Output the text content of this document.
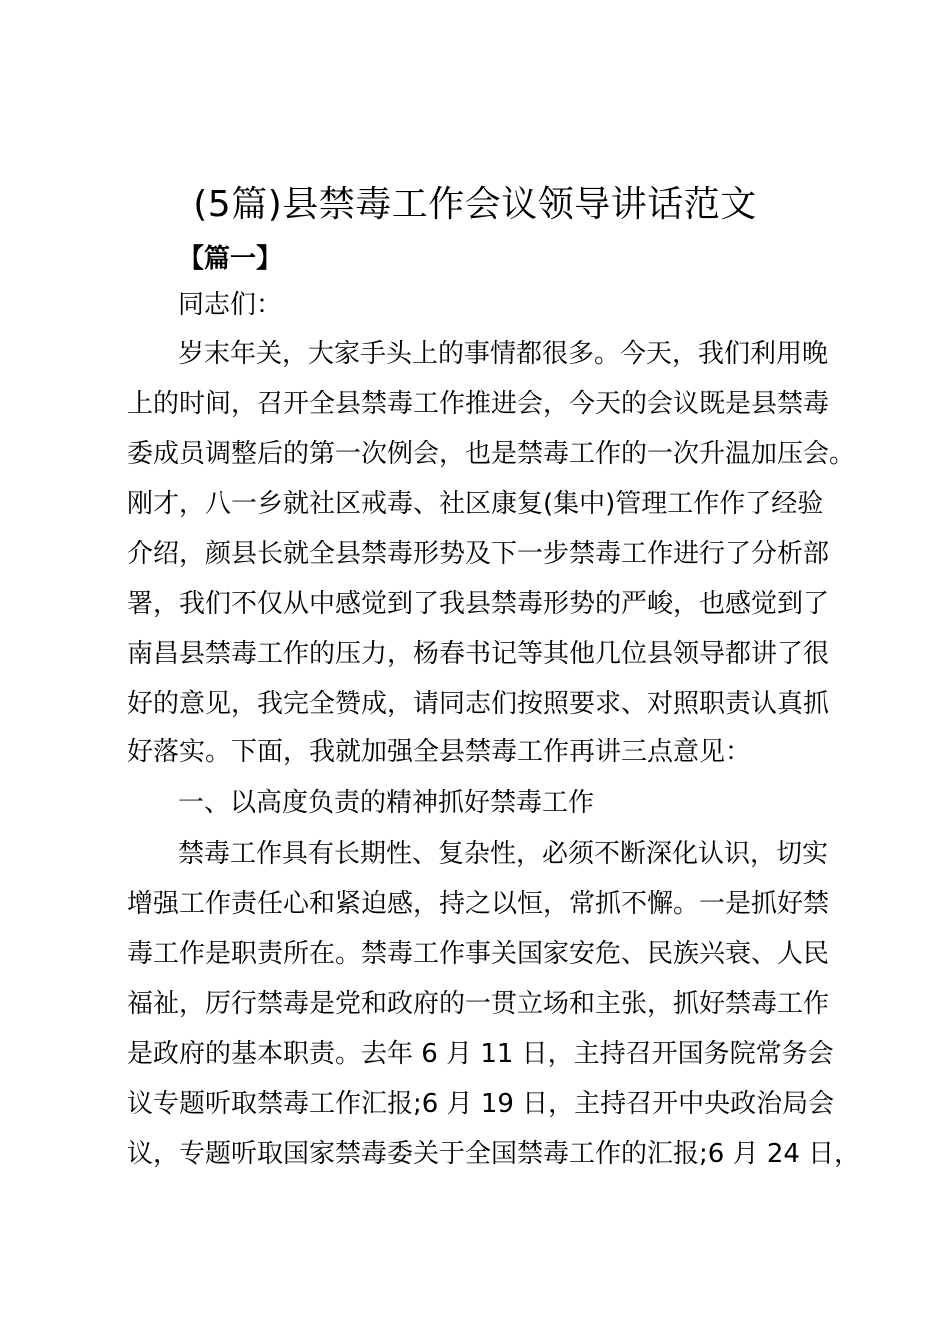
(5篇)县禁毒工作会议领导讲话范文
【篇一】
同志们：
岁末年关，大家手头上的事情都很多。今天，我们利用晚
上的时间，召开全县禁毒工作推进会，今天的会议既是县禁毒
委成员调整后的第一次例会，也是禁毒工作的一次升温加压会。
刚才，八一乡就社区戒毒、社区康复(集中)管理工作作了经验
介绍，颜县长就全县禁毒形势及下一步禁毒工作进行了分析部
署，我们不仅从中感觉到了我县禁毒形势的严峻，也感觉到了
南昌县禁毒工作的压力，杨春书记等其他几位县领导都讲了很
好的意见，我完全赞成，请同志们按照要求、对照职责认真抓
好落实。下面，我就加强全县禁毒工作再讲三点意见：
一、以高度负责的精神抓好禁毒工作
禁毒工作具有长期性、复杂性，必须不断深化认识，切实
增强工作责任心和紧迫感，持之以恒，常抓不懈。一是抓好禁
毒工作是职责所在。禁毒工作事关国家安危、民族兴衰、人民
福祉，厉行禁毒是党和政府的一贯立场和主张，抓好禁毒工作
是政府的基本职责。去年 6 月 11 日，主持召开国务院常务会
议专题听取禁毒工作汇报;6 月 19 日，主持召开中央政治局会
议，专题听取国家禁毒委关于全国禁毒工作的汇报;6 月 24 日，
